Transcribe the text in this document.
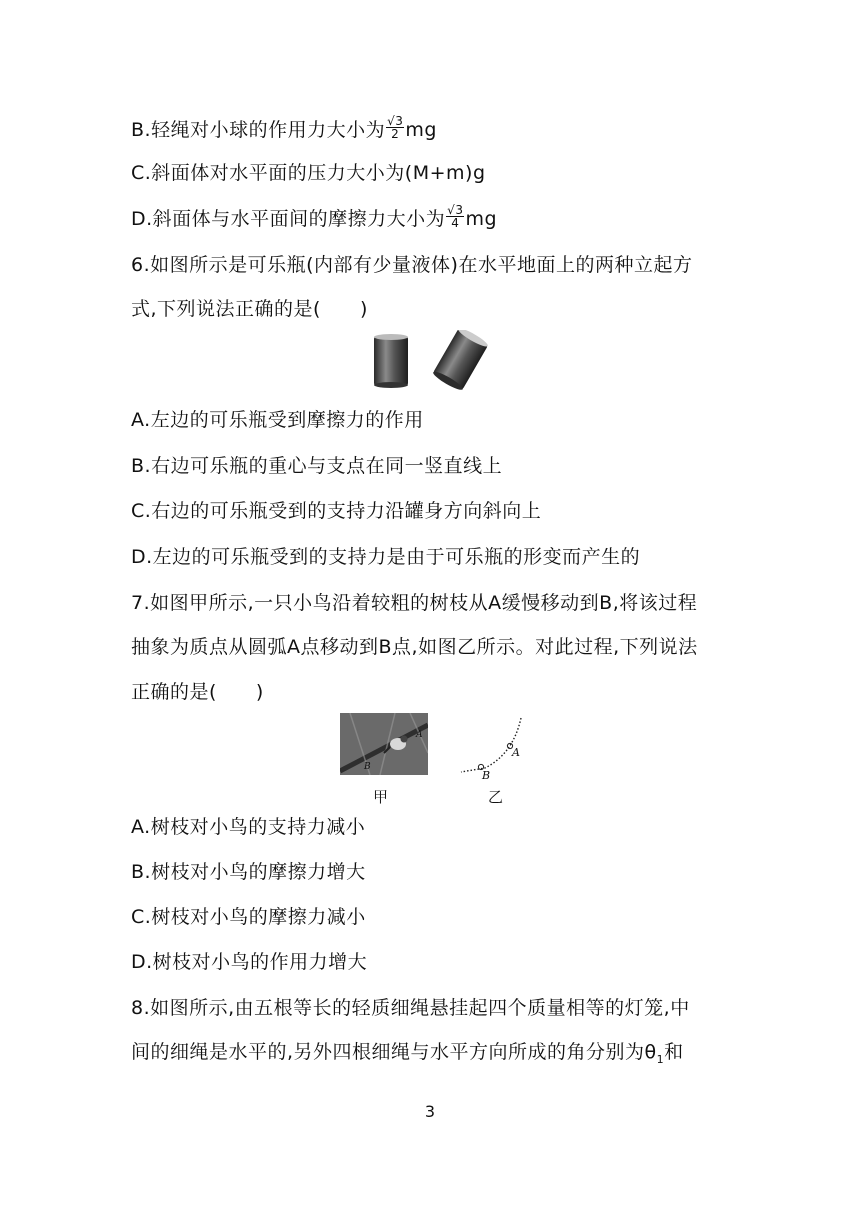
B.轻绳对小球的作用力大小为 $\frac{√3}{2}$ mg
C.斜面体对水平面的压力大小为(M+m)g
D.斜面体与水平面间的摩擦力大小为 $\frac{√3}{4}$ mg
6.如图所示是可乐瓶(内部有少量液体)在水平地面上的两种立起方
式,下列说法正确的是(　　)
A.左边的可乐瓶受到摩擦力的作用
B.右边可乐瓶的重心与支点在同一竖直线上
C.右边的可乐瓶受到的支持力沿罐身方向斜向上
D.左边的可乐瓶受到的支持力是由于可乐瓶的形变而产生的
7.如图甲所示,一只小鸟沿着较粗的树枝从A缓慢移动到B,将该过程
抽象为质点从圆弧A点移动到B点,如图乙所示。对此过程,下列说法
正确的是(　　)
A
B
甲
A
B
乙
A.树枝对小鸟的支持力减小
B.树枝对小鸟的摩擦力增大
C.树枝对小鸟的摩擦力减小
D.树枝对小鸟的作用力增大
8.如图所示,由五根等长的轻质细绳悬挂起四个质量相等的灯笼,中
间的细绳是水平的,另外四根细绳与水平方向所成的角分别为$\theta_1$和
3
